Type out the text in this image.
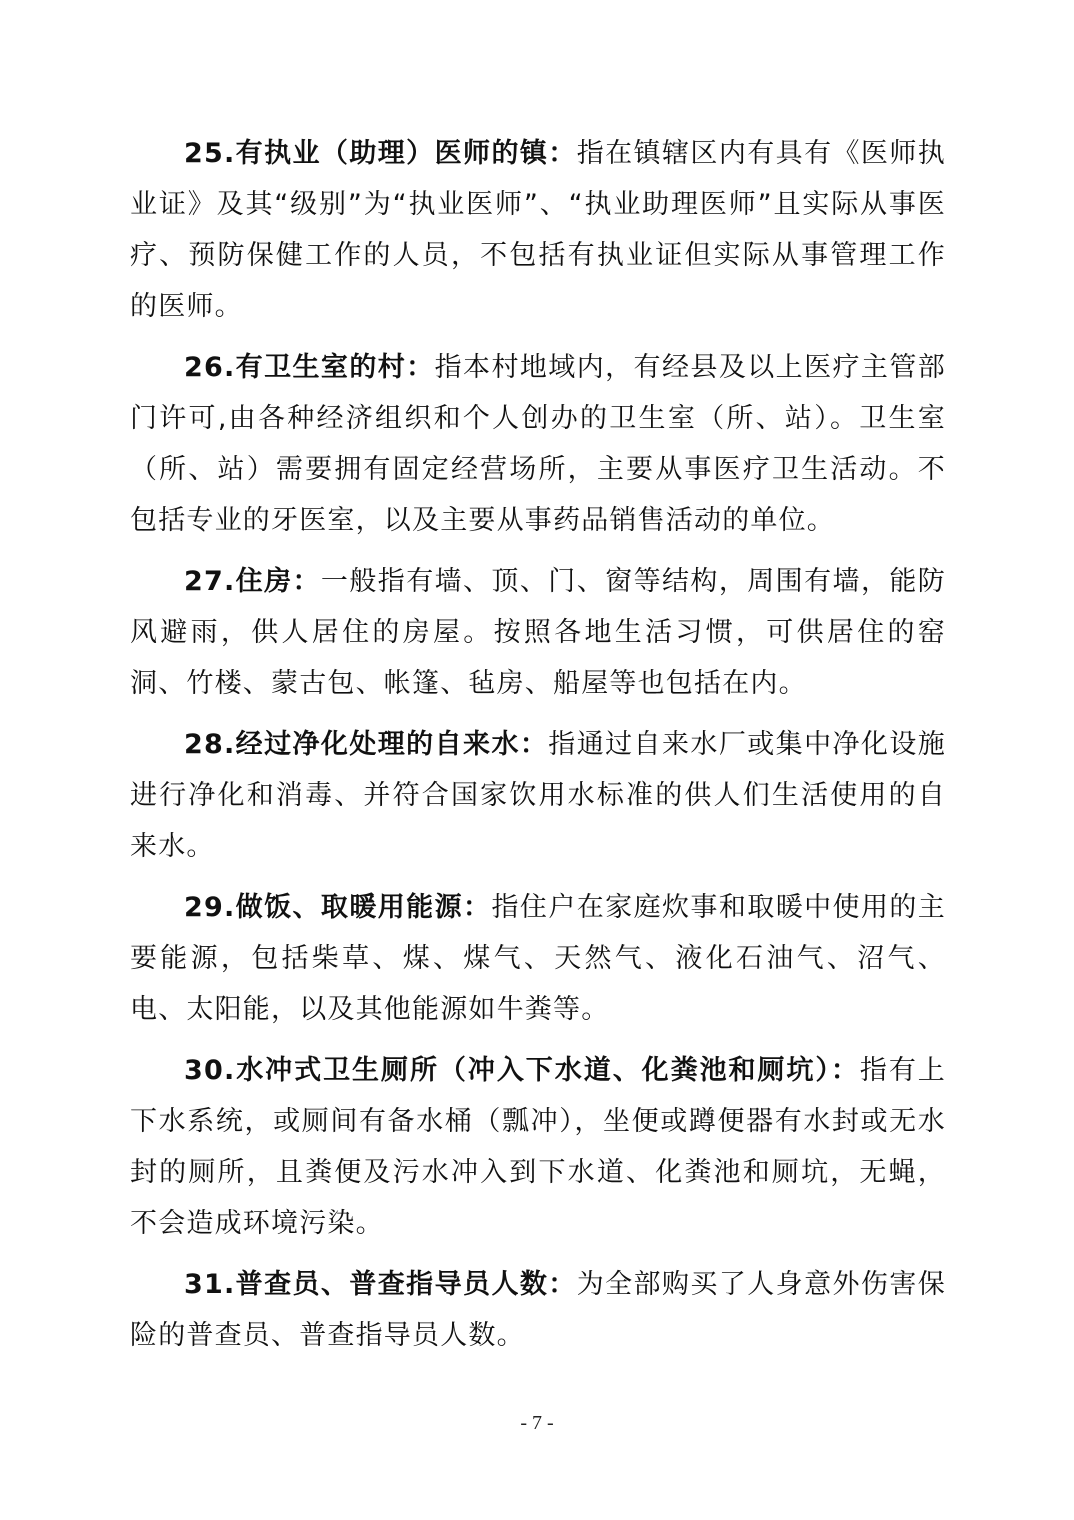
25.有执业（助理）医师的镇：指在镇辖区内有具有《医师执业证》及其“级别”为“执业医师”、“执业助理医师”且实际从事医疗、预防保健工作的人员，不包括有执业证但实际从事管理工作的医师。

26.有卫生室的村：指本村地域内，有经县及以上医疗主管部门许可,由各种经济组织和个人创办的卫生室（所、站）。卫生室（所、站）需要拥有固定经营场所，主要从事医疗卫生活动。不包括专业的牙医室，以及主要从事药品销售活动的单位。

27.住房：一般指有墙、顶、门、窗等结构，周围有墙，能防风避雨，供人居住的房屋。按照各地生活习惯，可供居住的窑洞、竹楼、蒙古包、帐篷、毡房、船屋等也包括在内。

28.经过净化处理的自来水：指通过自来水厂或集中净化设施进行净化和消毒、并符合国家饮用水标准的供人们生活使用的自来水。

29.做饭、取暖用能源：指住户在家庭炊事和取暖中使用的主要能源，包括柴草、煤、煤气、天然气、液化石油气、沼气、电、太阳能，以及其他能源如牛粪等。

30.水冲式卫生厕所（冲入下水道、化粪池和厕坑）：指有上下水系统，或厕间有备水桶（瓢冲），坐便或蹲便器有水封或无水封的厕所，且粪便及污水冲入到下水道、化粪池和厕坑，无蝇，不会造成环境污染。

31.普查员、普查指导员人数：为全部购买了人身意外伤害保险的普查员、普查指导员人数。

- 7 -
